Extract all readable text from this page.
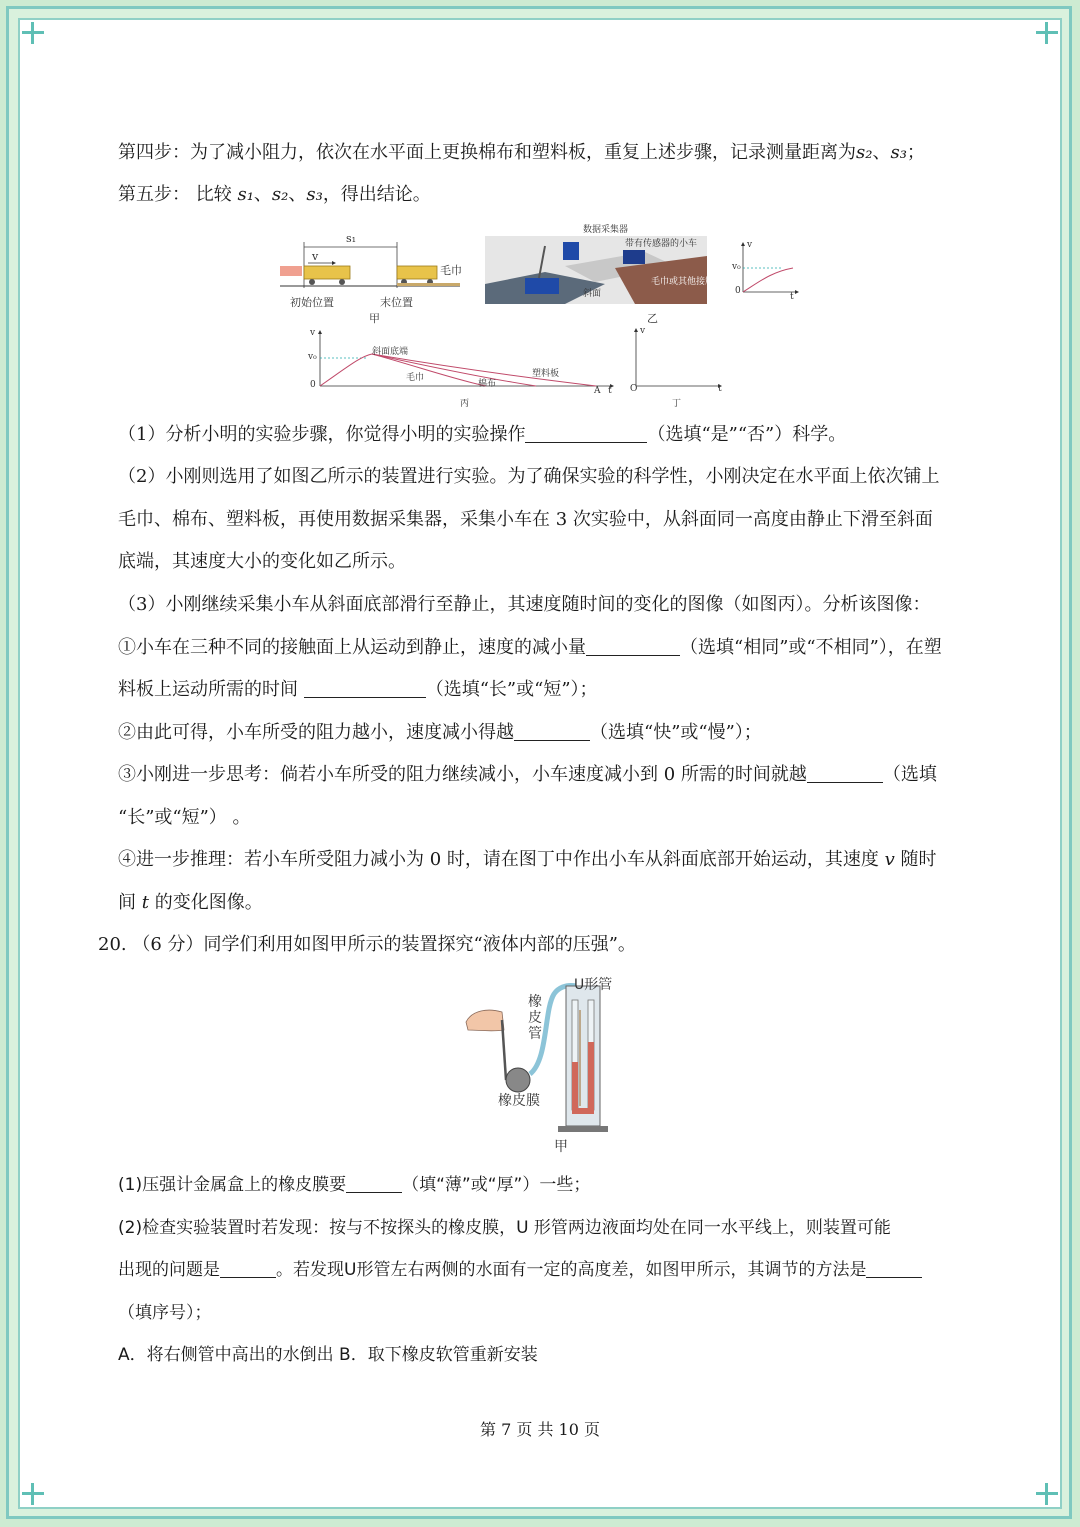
第四步：为了减小阻力，依次在水平面上更换棉布和塑料板，重复上述步骤，记录测量距离为s₂、s₃；
第五步： 比较 s₁、s₂、s₃，得出结论。
s₁
v
毛巾
初始位置	末位置
甲
数据采集器
带有传感器的小车
斜面
毛巾或其他接触面
乙
v
v₀
0
t
v
v₀
0
斜面底端
毛巾
棉布
塑料板
A t
丙
v
O	t
丁
（1）分析小明的实验步骤，你觉得小明的实验操作	（选填“是”“否”）科学。
（2）小刚则选用了如图乙所示的装置进行实验。为了确保实验的科学性，小刚决定在水平面上依次铺上
毛巾、棉布、塑料板，再使用数据采集器，采集小车在 3 次实验中，从斜面同一高度由静止下滑至斜面
底端，其速度大小的变化如乙所示。
（3）小刚继续采集小车从斜面底部滑行至静止，其速度随时间的变化的图像（如图丙）。分析该图像：
①小车在三种不同的接触面上从运动到静止，速度的减小量	（选填“相同”或“不相同”），在塑
料板上运动所需的时间	（选填“长”或“短”）；
②由此可得，小车所受的阻力越小，速度减小得越	（选填“快”或“慢”）；
③小刚进一步思考：倘若小车所受的阻力继续减小，小车速度减小到 0 所需的时间就越	（选填
“长”或“短”） 。
④进一步推理：若小车所受阻力减小为 0 时，请在图丁中作出小车从斜面底部开始运动，其速度 v 随时
间 t 的变化图像。
20. （6 分）同学们利用如图甲所示的装置探究“液体内部的压强”。
U形管
橡
皮
管
橡皮膜
甲
(1)压强计金属盒上的橡皮膜要	（填“薄”或“厚”）一些；
(2)检查实验装置时若发现：按与不按探头的橡皮膜，U 形管两边液面均处在同一水平线上，则装置可能
出现的问题是	。若发现U形管左右两侧的水面有一定的高度差，如图甲所示，其调节的方法是
（填序号）；
A．将右侧管中高出的水倒出 B．取下橡皮软管重新安装
第 7 页 共 10 页
